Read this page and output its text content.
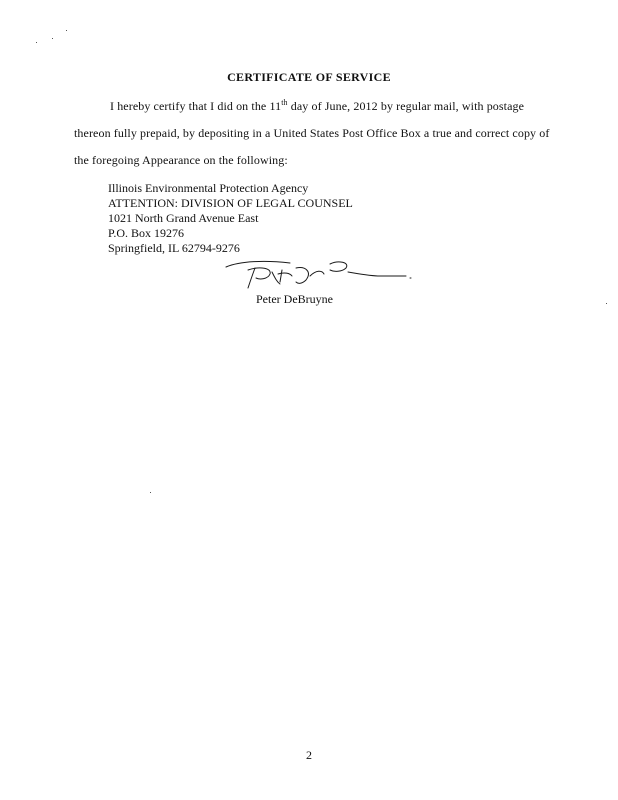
CERTIFICATE OF SERVICE
I hereby certify that I did on the 11th day of June, 2012 by regular mail, with postage
thereon fully prepaid, by depositing in a United States Post Office Box a true and correct copy of
the foregoing Appearance on the following:
Illinois Environmental Protection Agency
ATTENTION: DIVISION OF LEGAL COUNSEL
1021 North Grand Avenue East
P.O. Box 19276
Springfield, IL 62794-9276
Peter DeBruyne
2
